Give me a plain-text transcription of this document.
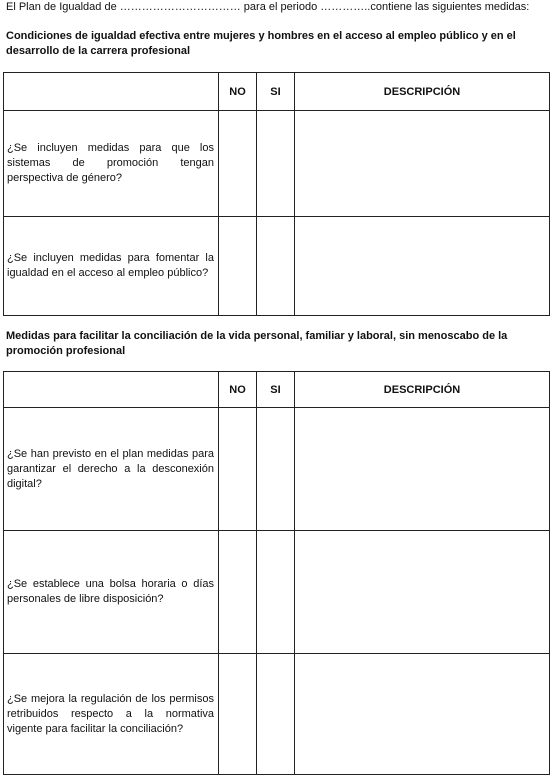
El Plan de Igualdad de …………………………… para el periodo …………..contiene las siguientes medidas:
Condiciones de igualdad efectiva entre mujeres y hombres en el acceso al empleo público y en el desarrollo de la carrera profesional
	NO	SI	DESCRIPCIÓN
¿Se incluyen medidas para que los sistemas de promoción tengan perspectiva de género?			
¿Se incluyen medidas para fomentar la igualdad en el acceso al empleo público?			
Medidas para facilitar la conciliación de la vida personal, familiar y laboral, sin menoscabo de la promoción profesional
	NO	SI	DESCRIPCIÓN
¿Se han previsto en el plan medidas para garantizar el derecho a la desconexión digital?			
¿Se establece una bolsa horaria o días personales de libre disposición?			
¿Se mejora la regulación de los permisos retribuidos respecto a la normativa vigente para facilitar la conciliación?			
